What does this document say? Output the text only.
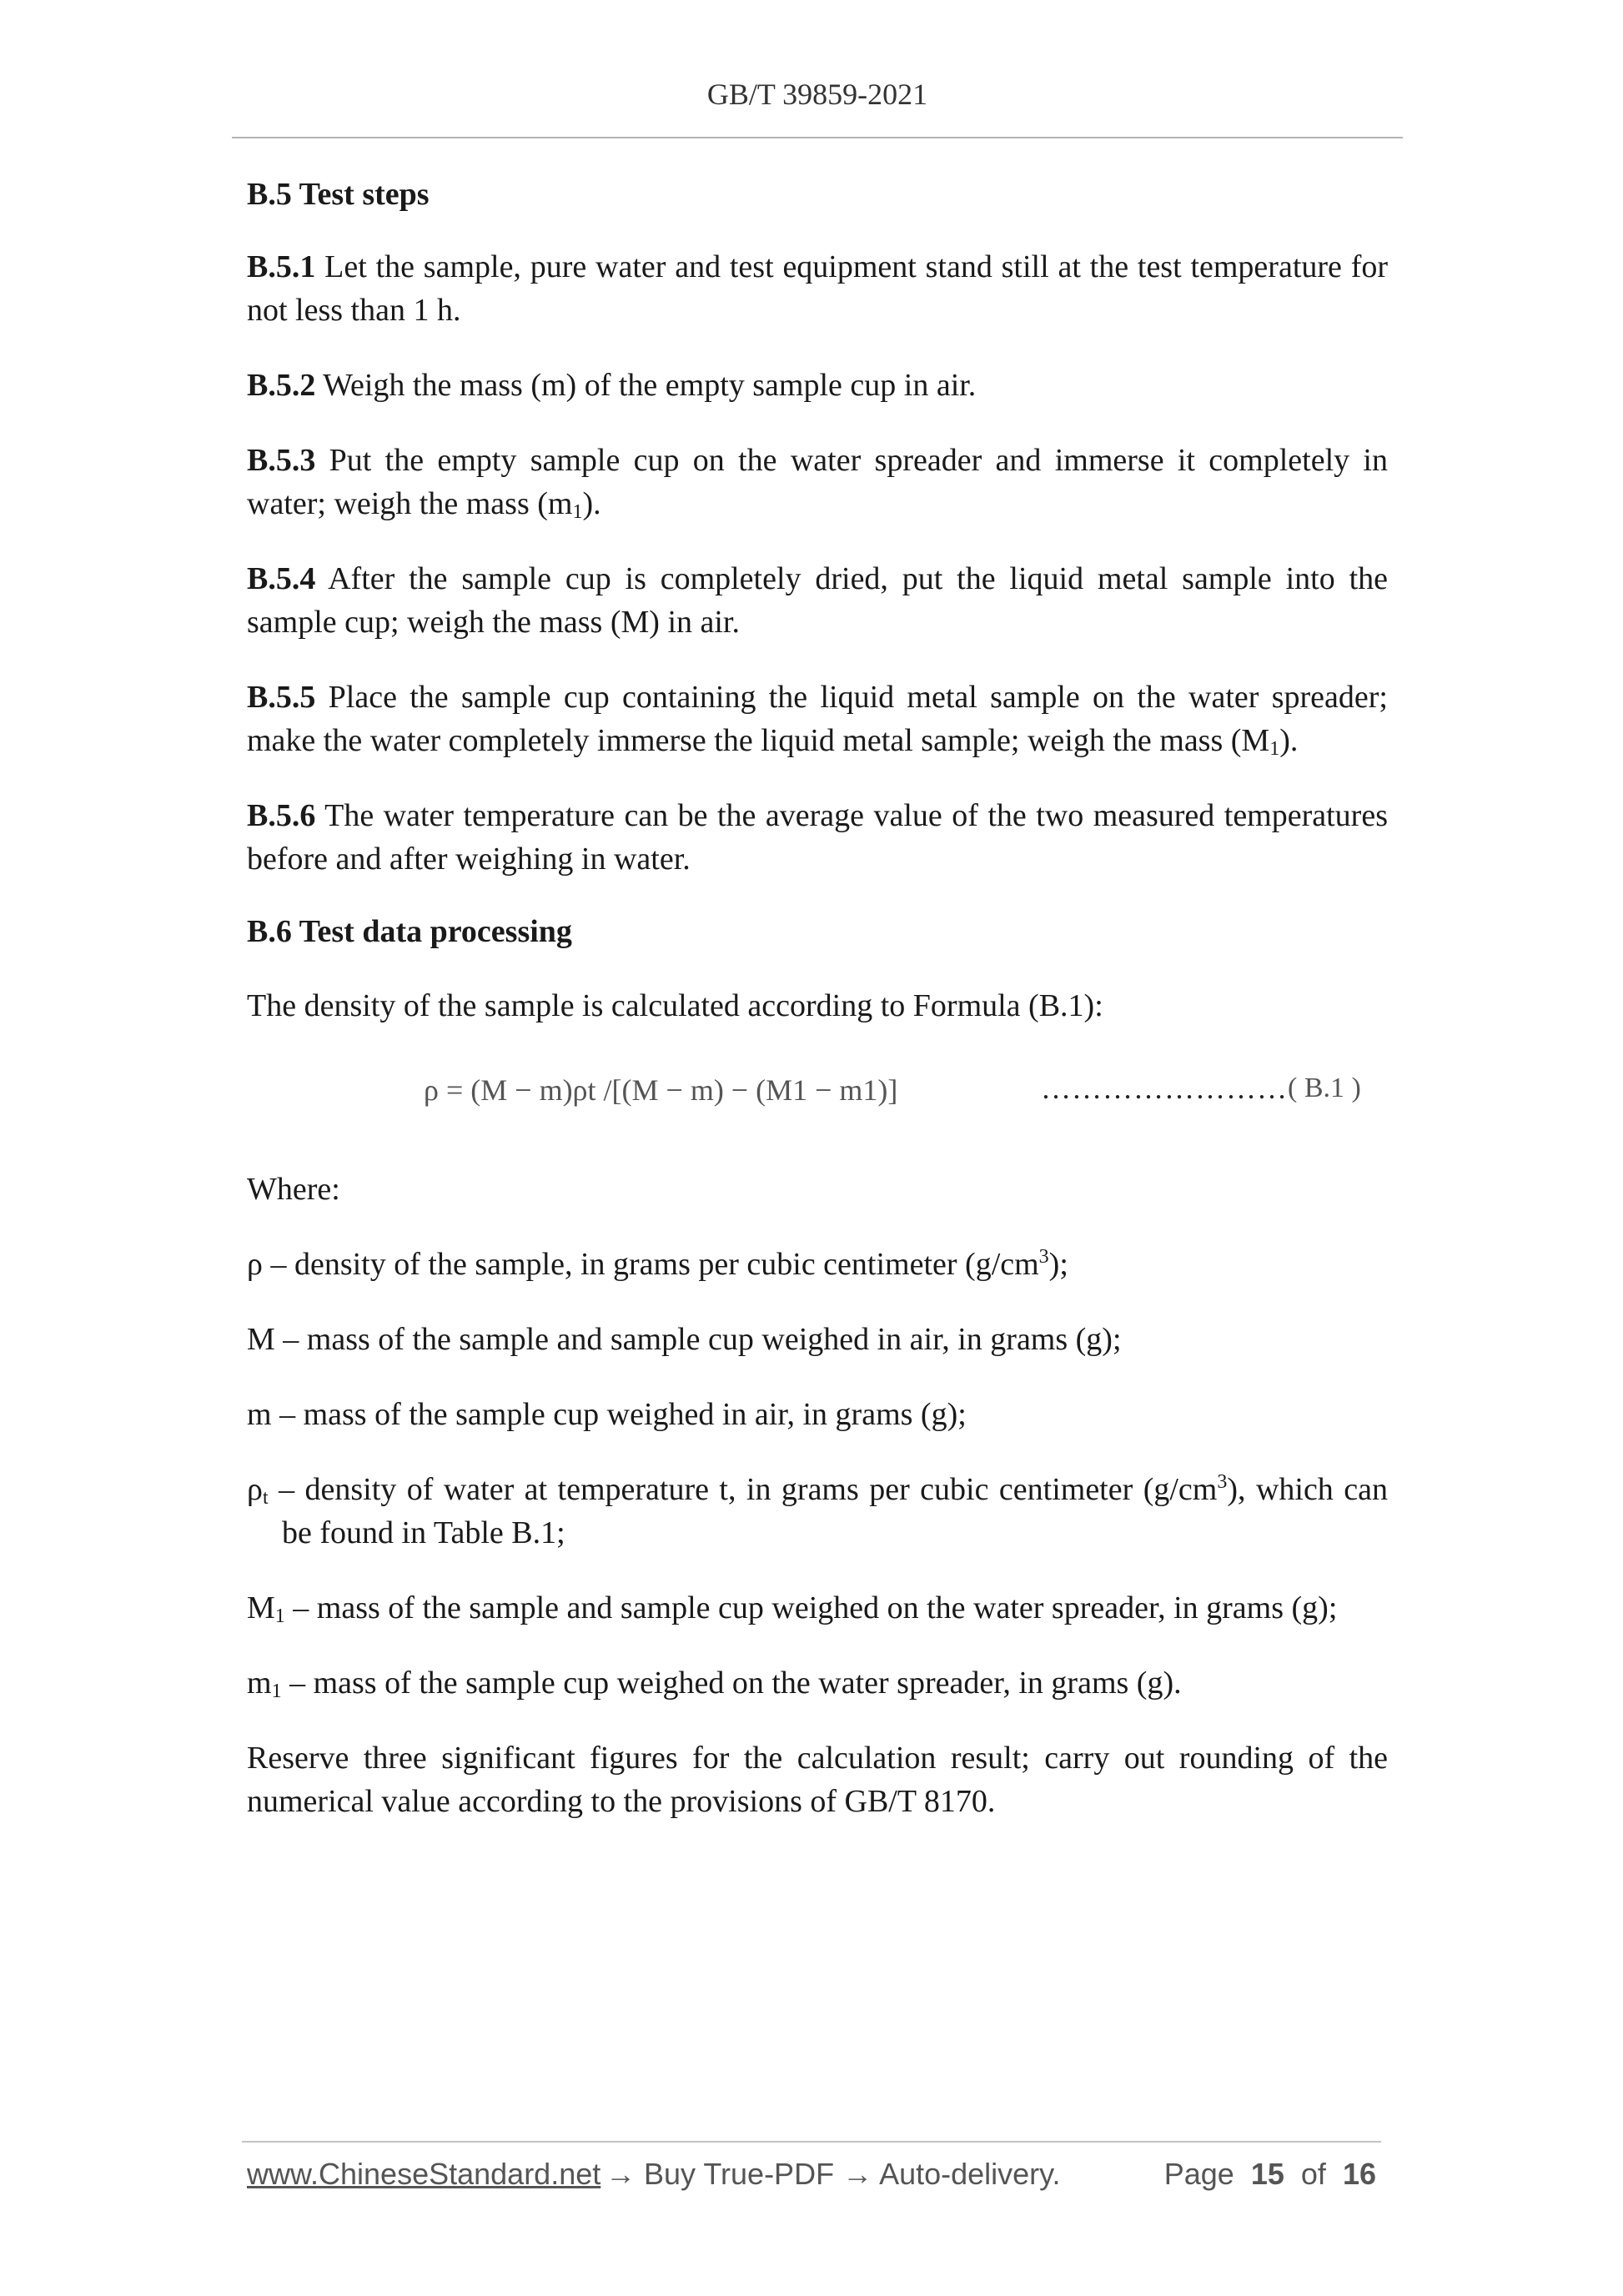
GB/T 39859-2021

B.5 Test steps

B.5.1 Let the sample, pure water and test equipment stand still at the test temperature for not less than 1 h.

B.5.2 Weigh the mass (m) of the empty sample cup in air.

B.5.3 Put the empty sample cup on the water spreader and immerse it completely in water; weigh the mass $(m_1)$.

B.5.4 After the sample cup is completely dried, put the liquid metal sample into the sample cup; weigh the mass (M) in air.

B.5.5 Place the sample cup containing the liquid metal sample on the water spreader; make the water completely immerse the liquid metal sample; weigh the mass $(M_1)$.

B.5.6 The water temperature can be the average value of the two measured temperatures before and after weighing in water.

B.6 Test data processing

The density of the sample is calculated according to Formula (B.1):

ρ = (M − m)ρt /[(M − m) − (M1 − m1)]	…………………… ( B.1 )

Where:

ρ – density of the sample, in grams per cubic centimeter $(g/cm^3)$;

M – mass of the sample and sample cup weighed in air, in grams (g);

m – mass of the sample cup weighed in air, in grams (g);

$\rho_t$ – density of water at temperature t, in grams per cubic centimeter $(g/cm^3)$, which can be found in Table B.1;

$M_1$ – mass of the sample and sample cup weighed on the water spreader, in grams (g);

$m_1$ – mass of the sample cup weighed on the water spreader, in grams (g).

Reserve three significant figures for the calculation result; carry out rounding of the numerical value according to the provisions of GB/T 8170.

www.ChineseStandard.net → Buy True-PDF → Auto-delivery.	Page 15 of 16
